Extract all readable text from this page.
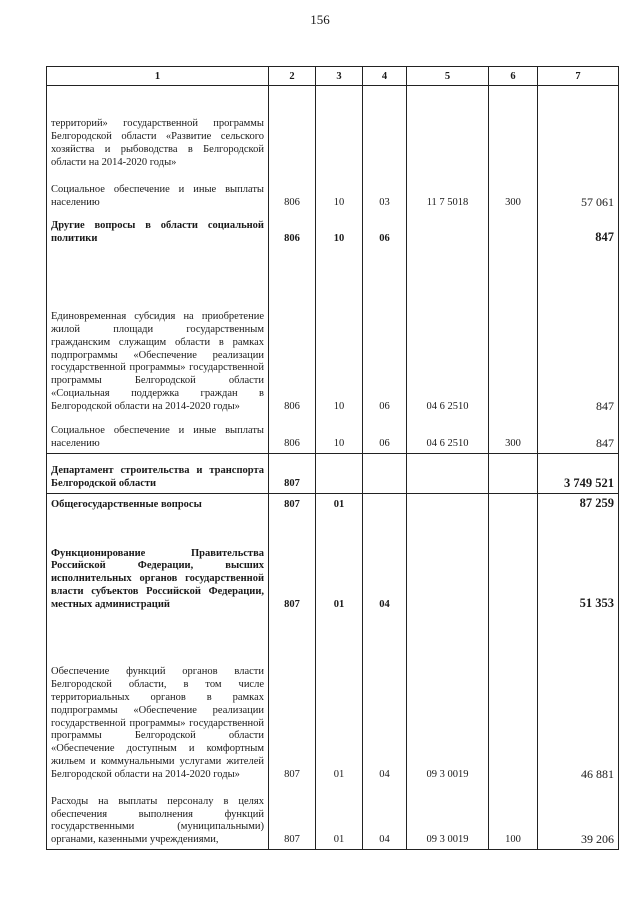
156
1	2	3	4	5	6	7
территорий» государственной программы Белгородской области «Развитие сельского хозяйства и рыбоводства в Белгородской области на 2014-2020 годы»						
Социальное обеспечение и иные выплаты населению	806	10	03	11 7 5018	300	57 061
Другие вопросы в области социальной политики	806	10	06			847
Единовременная субсидия на приобретение жилой площади государственным гражданским служащим области в рамках подпрограммы «Обеспечение реализации государственной программы» государственной программы Белгородской области «Социальная поддержка граждан в Белгородской области на 2014-2020 годы»	806	10	06	04 6 2510		847
Социальное обеспечение и иные выплаты населению	806	10	06	04 6 2510	300	847
Департамент строительства и транспорта Белгородской области	807					3 749 521
Общегосударственные вопросы	807	01				87 259
Функционирование Правительства Российской Федерации, высших исполнительных органов государственной власти субъектов Российской Федерации, местных администраций	807	01	04			51 353
Обеспечение функций органов власти Белгородской области, в том числе территориальных органов в рамках подпрограммы «Обеспечение реализации государственной программы» государственной программы Белгородской области «Обеспечение доступным и комфортным жильем и коммунальными услугами жителей Белгородской области на 2014-2020 годы»	807	01	04	09 3 0019		46 881
Расходы на выплаты персоналу в целях обеспечения выполнения функций государственными (муниципальными) органами, казенными учреждениями,	807	01	04	09 3 0019	100	39 206
